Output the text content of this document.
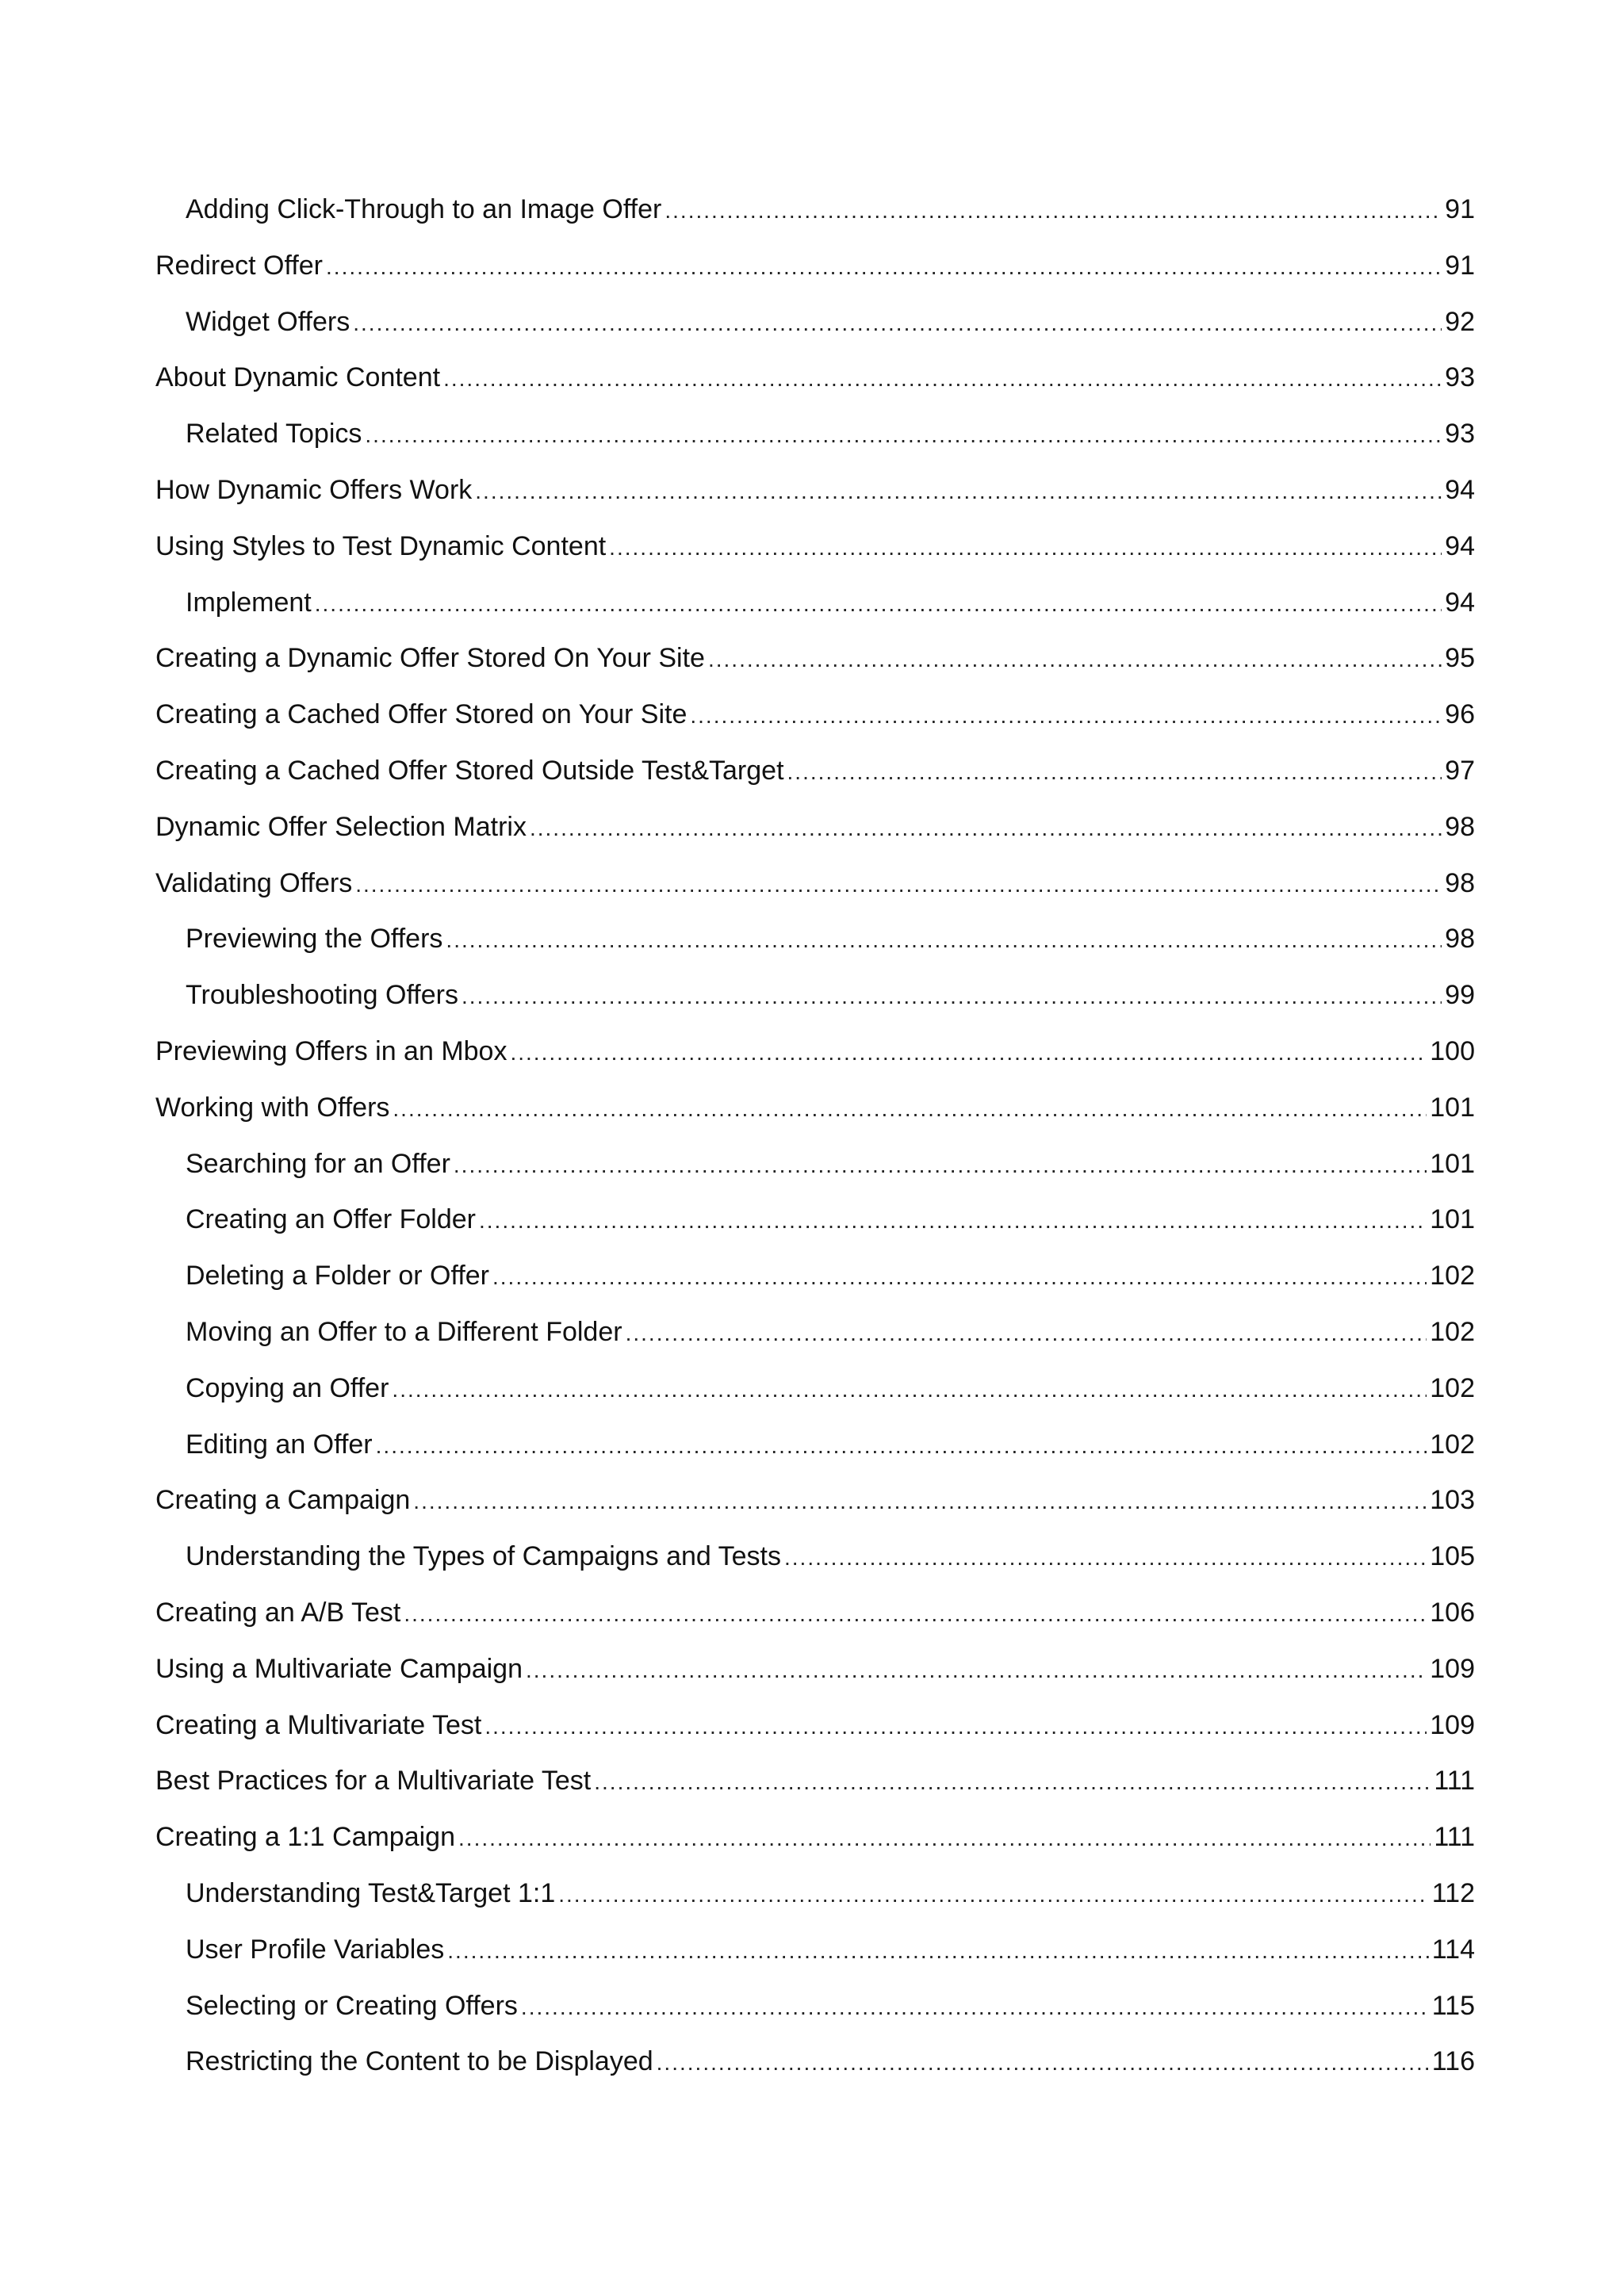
Adding Click-Through to an Image Offer .....	91
Redirect Offer .....	91
Widget Offers .....	92
About Dynamic Content .....	93
Related Topics .....	93
How Dynamic Offers Work .....	94
Using Styles to Test Dynamic Content .....	94
Implement .....	94
Creating a Dynamic Offer Stored On Your Site .....	95
Creating a Cached Offer Stored on Your Site .....	96
Creating a Cached Offer Stored Outside Test&Target .....	97
Dynamic Offer Selection Matrix .....	98
Validating Offers .....	98
Previewing the Offers .....	98
Troubleshooting Offers .....	99
Previewing Offers in an Mbox .....	100
Working with Offers .....	101
Searching for an Offer .....	101
Creating an Offer Folder .....	101
Deleting a Folder or Offer .....	102
Moving an Offer to a Different Folder .....	102
Copying an Offer .....	102
Editing an Offer .....	102
Creating a Campaign .....	103
Understanding the Types of Campaigns and Tests .....	105
Creating an A/B Test .....	106
Using a Multivariate Campaign .....	109
Creating a Multivariate Test .....	109
Best Practices for a Multivariate Test .....	111
Creating a 1:1 Campaign .....	111
Understanding Test&Target 1:1 .....	112
User Profile Variables .....	114
Selecting or Creating Offers .....	115
Restricting the Content to be Displayed .....	116
